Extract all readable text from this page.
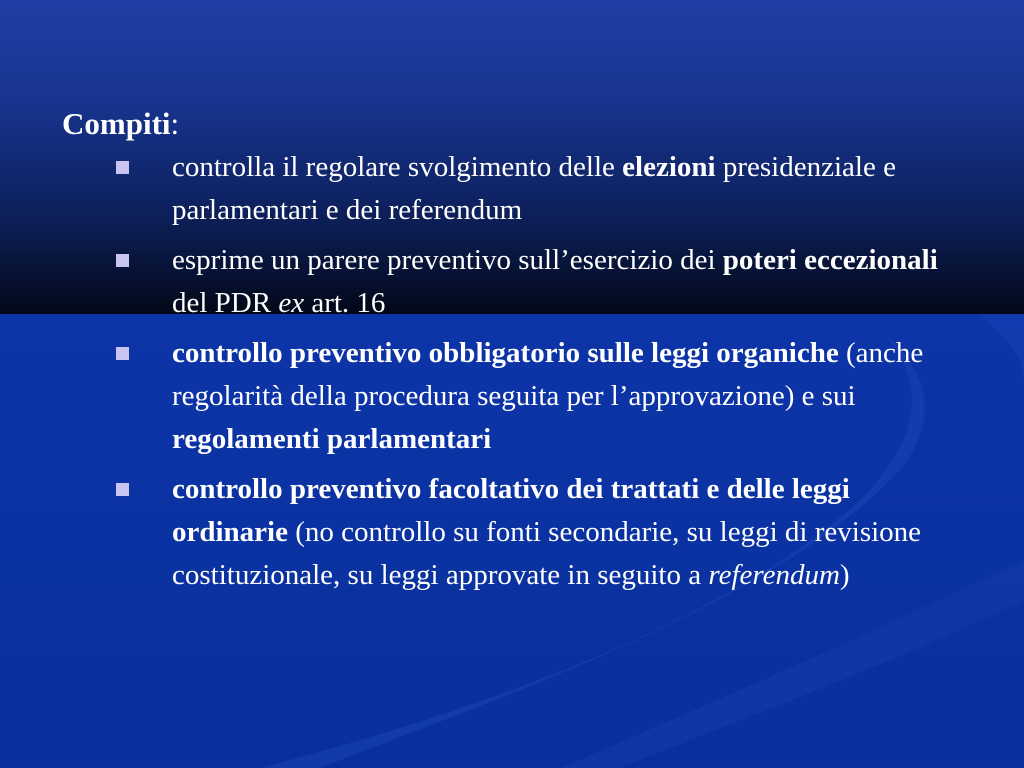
Compiti:
controlla il regolare svolgimento delle elezioni presidenziale e parlamentari e dei referendum
esprime un parere preventivo sull’esercizio dei poteri eccezionali del PDR ex art. 16
controllo preventivo obbligatorio sulle leggi organiche (anche regolarità della procedura seguita per l’approvazione) e sui regolamenti parlamentari
controllo preventivo facoltativo dei trattati e delle leggi ordinarie (no controllo su fonti secondarie, su leggi di revisione costituzionale, su leggi approvate in seguito a referendum)
